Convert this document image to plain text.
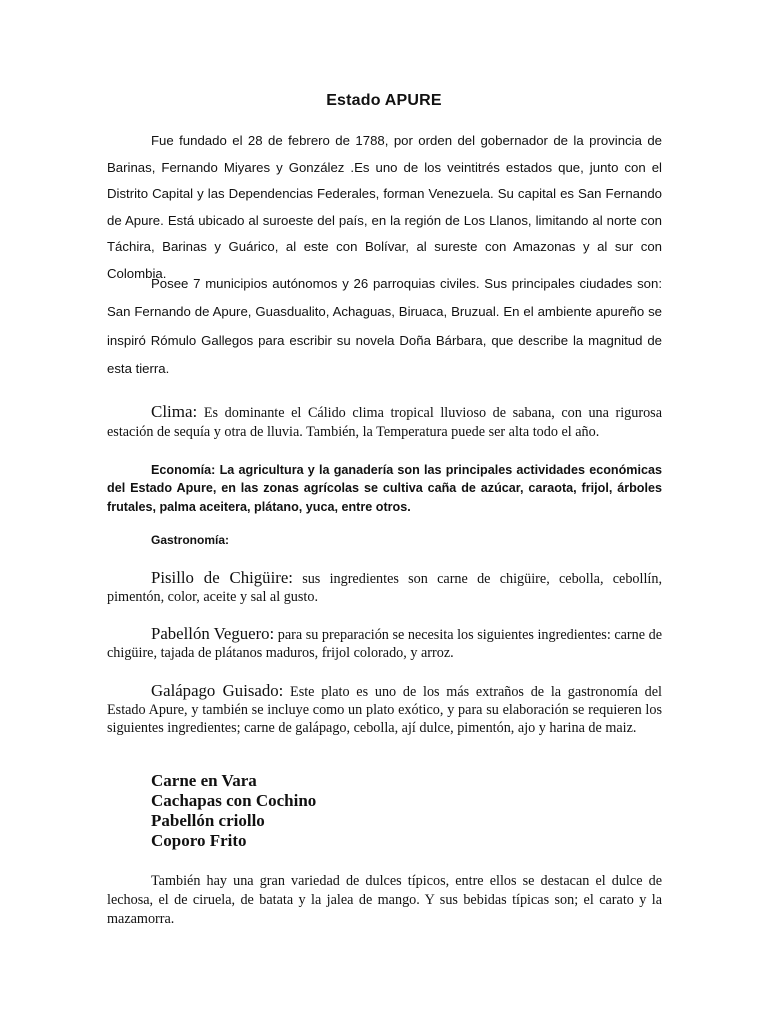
Estado APURE

Fue fundado el 28 de febrero de 1788, por orden del gobernador de la provincia de Barinas, Fernando Miyares y González .Es uno de los veintitrés estados que, junto con el Distrito Capital y las Dependencias Federales, forman Venezuela. Su capital es San Fernando de Apure. Está ubicado al suroeste del país, en la región de Los Llanos, limitando al norte con Táchira, Barinas y Guárico, al este con Bolívar, al sureste con Amazonas y al sur con Colombia.

Posee 7 municipios autónomos y 26 parroquias civiles. Sus principales ciudades son: San Fernando de Apure, Guasdualito, Achaguas, Biruaca, Bruzual. En el ambiente apureño se inspiró Rómulo Gallegos para escribir su novela Doña Bárbara, que describe la magnitud de esta tierra.

Clima: Es dominante el Cálido clima tropical lluvioso de sabana, con una rigurosa estación de sequía y otra de lluvia. También, la Temperatura puede ser alta todo el año.

Economía: La agricultura y la ganadería son las principales actividades económicas del Estado Apure, en las zonas agrícolas se cultiva caña de azúcar, caraota, frijol, árboles frutales, palma aceitera, plátano, yuca, entre otros.

Gastronomía:

Pisillo de Chigüire: sus ingredientes son carne de chigüire, cebolla, cebollín, pimentón, color, aceite y sal al gusto.

Pabellón Veguero: para su preparación se necesita los siguientes ingredientes: carne de chigüire, tajada de plátanos maduros, frijol colorado, y arroz.

Galápago Guisado: Este plato es uno de los más extraños de la gastronomía del Estado Apure, y también se incluye como un plato exótico, y para su elaboración se requieren los siguientes ingredientes; carne de galápago, cebolla, ají dulce, pimentón, ajo y harina de maiz.

Carne en Vara
Cachapas con Cochino
Pabellón criollo
Coporo Frito

También hay una gran variedad de dulces típicos, entre ellos se destacan el dulce de lechosa, el de ciruela, de batata y la jalea de mango. Y sus bebidas típicas son; el carato y la mazamorra.
